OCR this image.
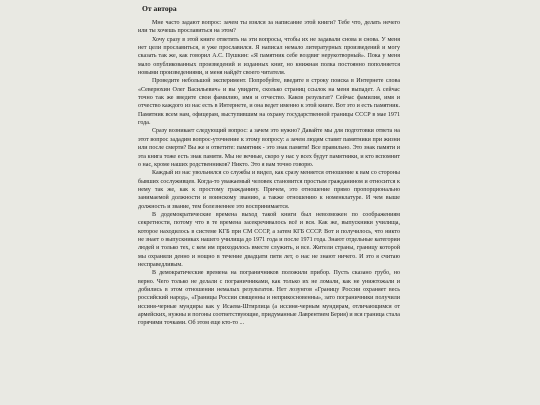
От автора

Мне часто задают вопрос: зачем ты взялся за написание этой книги? Тебе что, делать нечего или ты хочешь прославиться на этом?

Хочу сразу в этой книге ответить на эти вопросы, чтобы их не задавали снова и снова. У меня нет цели прославиться, я уже прославился. Я написал немало литературных произведений и могу сказать так же, как говорил А.С. Пушкин: «Я памятник себе воздвиг нерукотворный». Пока у меня мало опубликованных произведений и изданных книг, но книжная полка постоянно пополняется новыми произведениями, и меня найдёт своего читателя.

Проведите небольшой эксперимент. Попробуйте, введите в строку поиска в Интернете слова «Северюхин Олег Васильевич» и вы увидите, сколько страниц ссылок на меня выпадет. А сейчас точно так же введите свои фамилию, имя и отчество. Каков результат? Сейчас фамилия, имя и отчество каждого из нас есть в Интернете, и она ведет именно к этой книге. Вот это и есть памятник. Памятник всем нам, офицерам, выступившим на охрану государственной границы СССР в мае 1971 года.

Сразу возникает следующий вопрос: а зачем это нужно? Давайте мы для подготовки ответа на этот вопрос зададим вопрос-уточнение к этому вопросу: а зачем людям ставят памятники при жизни или после смерти? Вы же и ответите: памятник - это знак памяти! Все правильно. Это знак памяти и эта книга тоже есть знак памяти. Мы не вечные, скоро у нас у всех будут памятники, и кто вспомнит о нас, кроме наших родственников? Никто. Это я вам точно говорю.

Каждый из нас увольнялся со службы и видел, как сразу меняется отношение к вам со стороны бывших сослуживцев. Когда-то уважаемый человек становится простым гражданином и относится к нему так же, как к простому гражданину. Причем, это отношение прямо пропорционально занимаемой должности и воинскому званию, а также отношению к номенклатуре. И чем выше должность и звание, тем болезненнее это воспринимается.

В додемократические времена выход такой книги был невозможен по соображениям секретности, потому что в те времена засекречивалось всё и вся. Как же, выпускники училища, которое находилось в системе КГБ при СМ СССР, а затем КГБ СССР. Вот и получилось, что никто не знает о выпускниках нашего училища до 1971 года и после 1971 года. Знают отдельные категории людей и только тех, с кем им приходилось вместе служить, и все. Жители страны, границу которой мы охраняли денно и нощно в течение двадцати пяти лет, о нас не знают ничего. И это я считаю несправедливым.

В демократические времена на пограничников положили прибор. Пусть сказано грубо, но верно. Чего только не делали с пограничниками, как только их не ломали, как не унижтожали и добились в этом отношении немалых результатов. Нет лозунгов «Границу России охраняет весь российский народ», «Границы России священны и неприкосновенны», зато пограничники получили иссиня-черные мундиры как у Исаева-Штирлица (а иссиня-черным мундирам, отличающимся от армейских, нужны и погоны соответствующие, придуманные Лаврентием Берия) и вся граница стала горячими точками. Об этом еще кто-то ...
